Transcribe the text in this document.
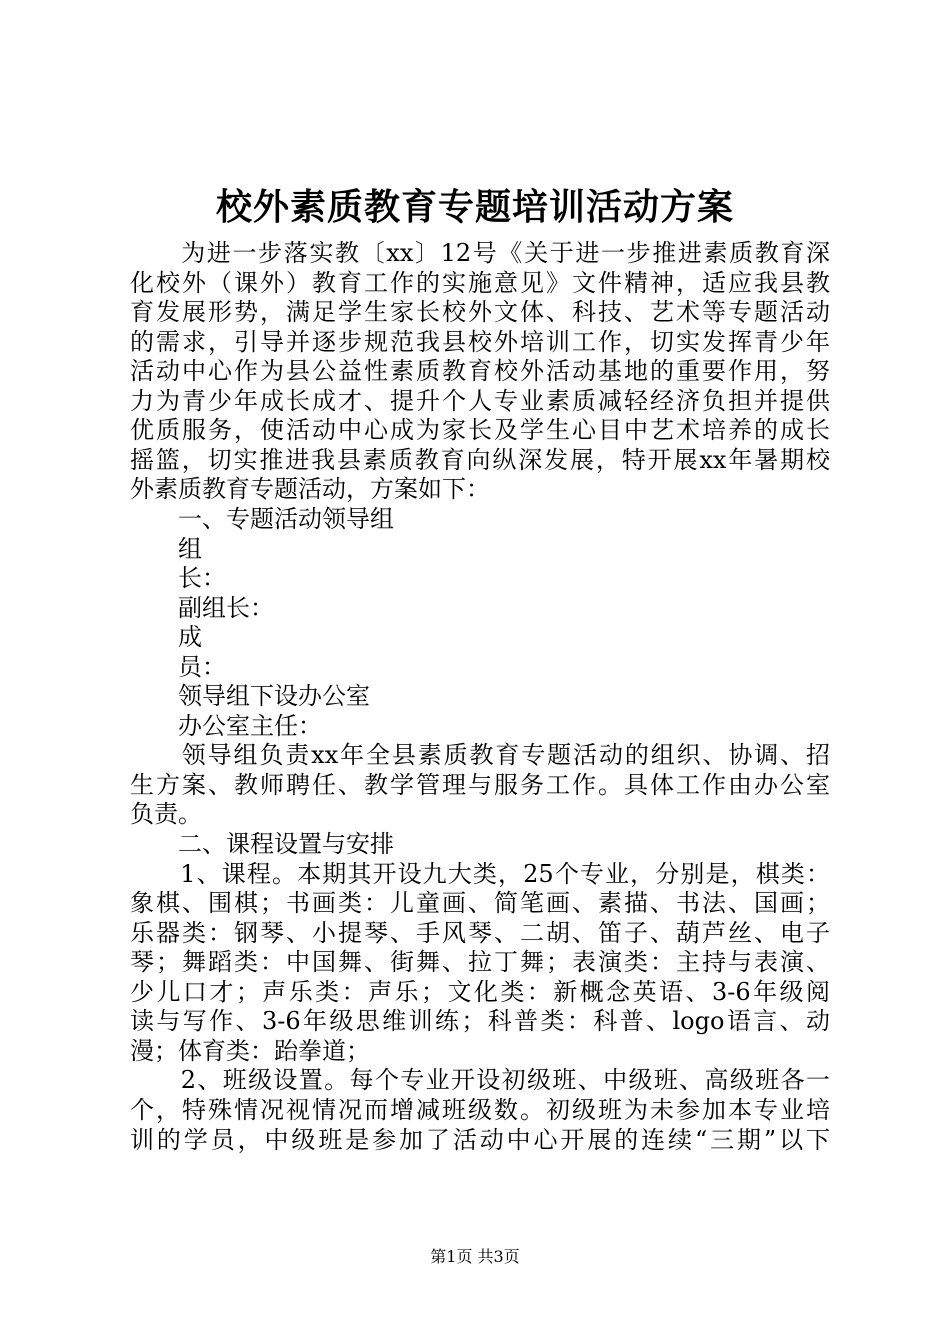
校外素质教育专题培训活动方案

　　为进一步落实教〔xx〕12号《关于进一步推进素质教育深

化校外（课外）教育工作的实施意见》文件精神，适应我县教

育发展形势，满足学生家长校外文体、科技、艺术等专题活动

的需求，引导并逐步规范我县校外培训工作，切实发挥青少年

活动中心作为县公益性素质教育校外活动基地的重要作用，努

力为青少年成长成才、提升个人专业素质减轻经济负担并提供

优质服务，使活动中心成为家长及学生心目中艺术培养的成长

摇篮，切实推进我县素质教育向纵深发展，特开展xx年暑期校

外素质教育专题活动，方案如下：

　　一、专题活动领导组

　　组

　　长：

　　副组长：

　　成

　　员：

　　领导组下设办公室

　　办公室主任：

　　领导组负责xx年全县素质教育专题活动的组织、协调、招

生方案、教师聘任、教学管理与服务工作。具体工作由办公室

负责。

　　二、课程设置与安排

　　1、课程。本期其开设九大类，25个专业，分别是，棋类：

象棋、围棋；书画类：儿童画、简笔画、素描、书法、国画；

乐器类：钢琴、小提琴、手风琴、二胡、笛子、葫芦丝、电子

琴；舞蹈类：中国舞、街舞、拉丁舞；表演类：主持与表演、

少儿口才；声乐类：声乐；文化类：新概念英语、3-6年级阅

读与写作、3-6年级思维训练；科普类：科普、logo语言、动

漫；体育类：跆拳道；

　　2、班级设置。每个专业开设初级班、中级班、高级班各一

个，特殊情况视情况而增减班级数。初级班为未参加本专业培

训的学员，中级班是参加了活动中心开展的连续“三期”以下

第1页 共3页
